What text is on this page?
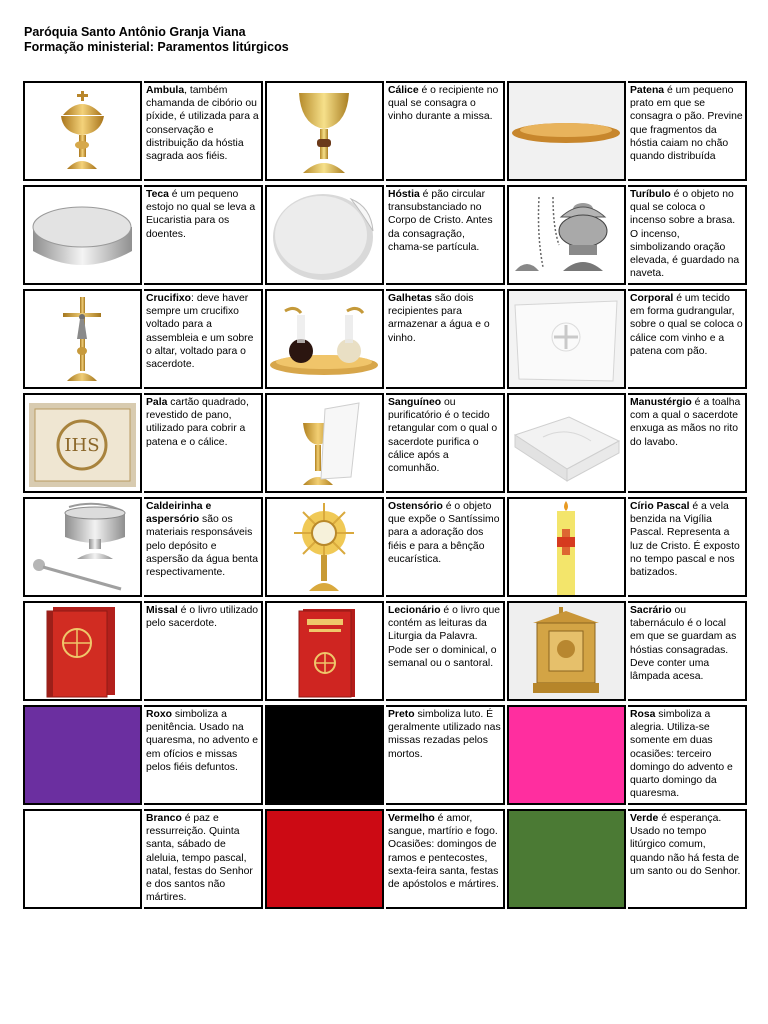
Paróquia Santo Antônio Granja Viana
Formação ministerial: Paramentos litúrgicos
Ambula, também chamanda de cibório ou píxide, é utilizada para a conservação e distribuição da hóstia sagrada aos fiéis.
Cálice é o recipiente no qual se consagra o vinho durante a missa.
Patena é um pequeno prato em que se consagra o pão. Previne que fragmentos da hóstia caiam no chão quando distribuída
Teca é um pequeno estojo no qual se leva a Eucaristia para os doentes.
Hóstia é pão circular transubstanciado no Corpo de Cristo. Antes da consagração, chama-se partícula.
Turíbulo é o objeto no qual se coloca o incenso sobre a brasa. O incenso, simbolizando oração elevada, é guardado na naveta.
Crucifixo: deve haver sempre um crucifixo voltado para a assembleia e um sobre o altar, voltado para o sacerdote.
Galhetas são dois recipientes para armazenar a água e o vinho.
Corporal é um tecido em forma gudrangular, sobre o qual se coloca o cálice com vinho e a patena com pão.
IHS
Pala cartão quadrado, revestido de pano, utilizado para cobrir a patena e o cálice.
Sanguíneo ou purificatório é o tecido retangular com o qual o sacerdote purifica o cálice após a comunhão.
Manustérgio é a toalha com a qual o sacerdote enxuga as mãos no rito do lavabo.
Caldeirinha e aspersório são os materiais responsáveis pelo depósito e aspersão da água benta respectivamente.
Ostensório é o objeto que expõe o Santíssimo para a adoração dos fiéis e para a bênção eucarística.
Círio Pascal é a vela benzida na Vigília Pascal. Representa a luz de Cristo. É exposto no tempo pascal e nos batizados.
Missal é o livro utilizado pelo sacerdote.
Lecionário é o livro que contém as leituras da Liturgia da Palavra. Pode ser o dominical, o semanal ou o santoral.
Sacrário ou tabernáculo é o local em que se guardam as hóstias consagradas. Deve conter uma lâmpada acesa.
Roxo simboliza a penitência. Usado na quaresma, no advento e em ofícios e missas pelos fiéis defuntos.
Preto simboliza luto. É geralmente utilizado nas missas rezadas pelos mortos.
Rosa simboliza a alegria. Utiliza-se somente em duas ocasiões: terceiro domingo do advento e quarto domingo da quaresma.
Branco é paz e ressurreição. Quinta santa, sábado de aleluia, tempo pascal, natal, festas do Senhor e dos santos não mártires.
Vermelho é amor, sangue, martírio e fogo. Ocasiões: domingos de ramos e pentecostes, sexta-feira santa, festas de apóstolos e mártires.
Verde é esperança. Usado no tempo litúrgico comum, quando não há festa de um santo ou do Senhor.
